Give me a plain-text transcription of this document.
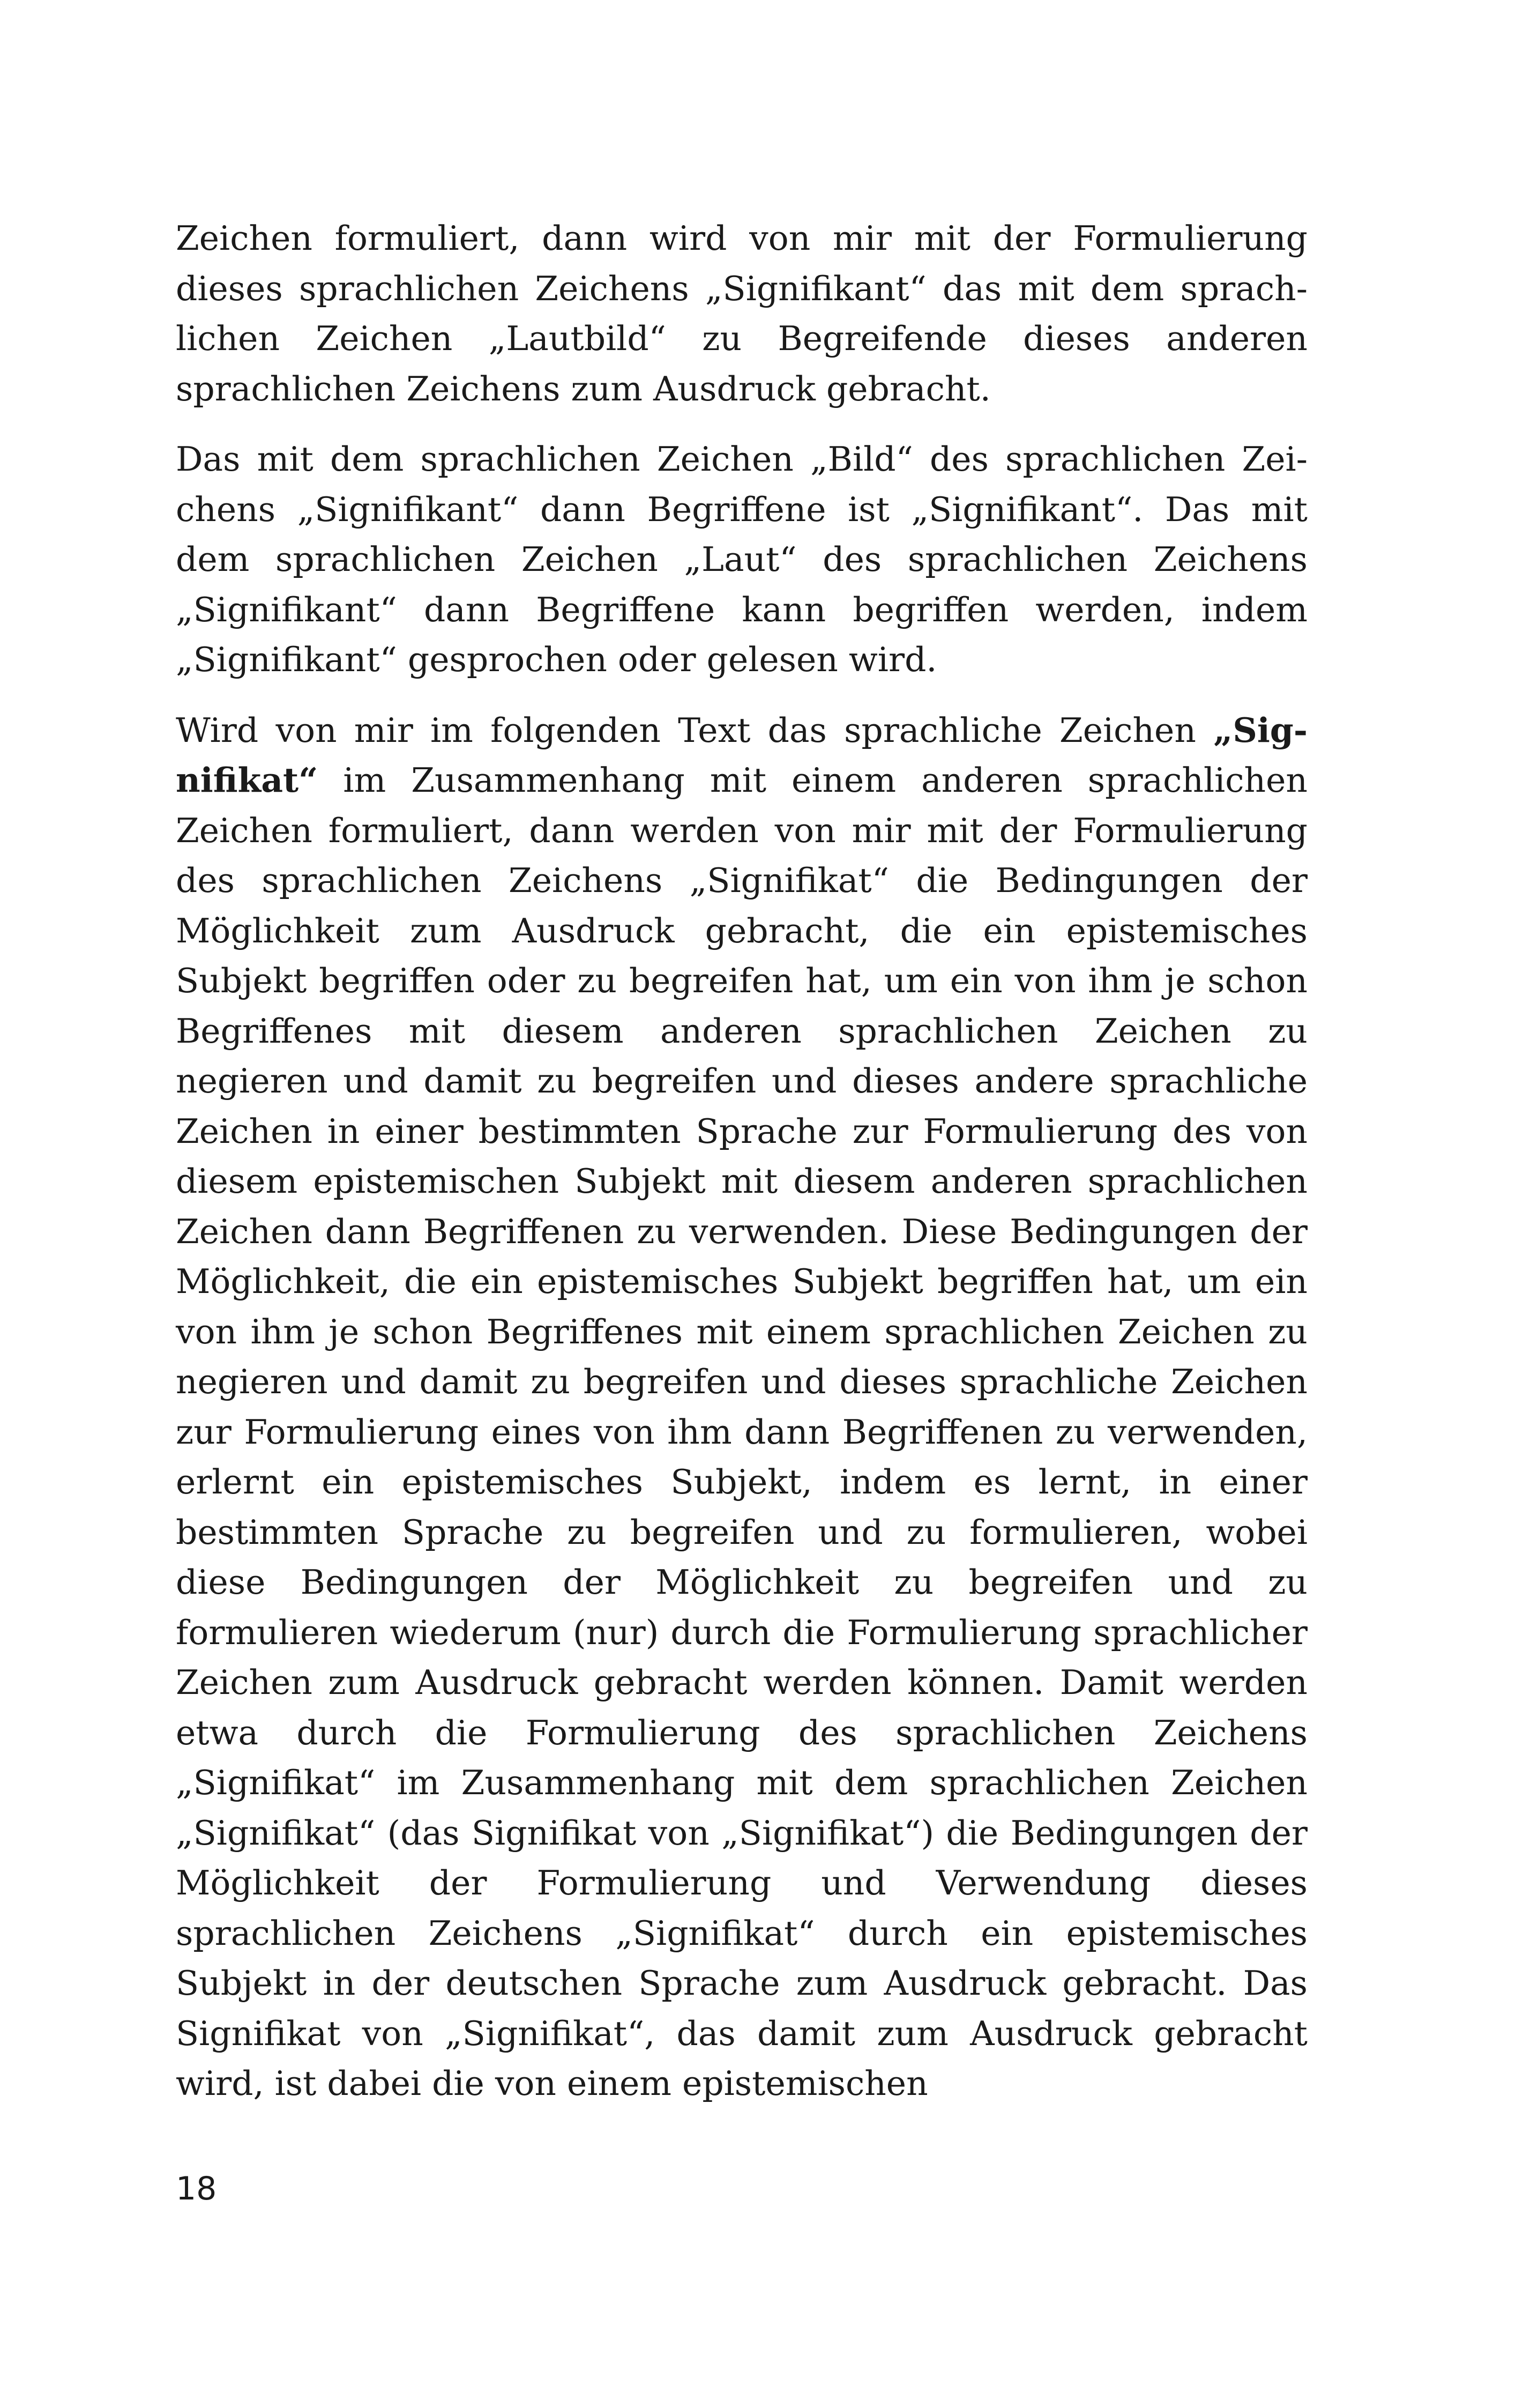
Zeichen formuliert, dann wird von mir mit der Formulierung dieses sprachlichen Zeichens „Signifikant“ das mit dem sprachlichen Zeichen „Lautbild“ zu Begreifende dieses anderen sprachlichen Zeichens zum Ausdruck gebracht.

Das mit dem sprachlichen Zeichen „Bild“ des sprachlichen Zeichens „Signifikant“ dann Begriffene ist „Signifikant“. Das mit dem sprachlichen Zeichen „Laut“ des sprachlichen Zeichens „Signifikant“ dann Begriffene kann begriffen werden, indem „Signifikant“ gesprochen oder gelesen wird.

Wird von mir im folgenden Text das sprachliche Zeichen „Signifikat“ im Zusammenhang mit einem anderen sprachlichen Zeichen formuliert, dann werden von mir mit der Formulierung des sprachlichen Zeichens „Signifikat“ die Bedingungen der Möglichkeit zum Ausdruck gebracht, die ein epistemisches Subjekt begriffen oder zu begreifen hat, um ein von ihm je schon Begriffenes mit diesem anderen sprachlichen Zeichen zu negieren und damit zu begreifen und dieses andere sprachliche Zeichen in einer bestimmten Sprache zur Formulierung des von diesem epistemischen Subjekt mit diesem anderen sprachlichen Zeichen dann Begriffenen zu verwenden. Diese Bedingungen der Möglichkeit, die ein epistemisches Subjekt begriffen hat, um ein von ihm je schon Begriffenes mit einem sprachlichen Zeichen zu negieren und damit zu begreifen und dieses sprachliche Zeichen zur Formulierung eines von ihm dann Begriffenen zu verwenden, erlernt ein epistemisches Subjekt, indem es lernt, in einer bestimmten Sprache zu begreifen und zu formulieren, wobei diese Bedingungen der Möglichkeit zu begreifen und zu formulieren wiederum (nur) durch die Formulierung sprachlicher Zeichen zum Ausdruck gebracht werden können. Damit werden etwa durch die Formulierung des sprachlichen Zeichens „Signifikat“ im Zusammenhang mit dem sprachlichen Zeichen „Signifikat“ (das Signifikat von „Signifikat“) die Bedingungen der Möglichkeit der Formulierung und Verwendung dieses sprachlichen Zeichens „Signifikat“ durch ein epistemisches Subjekt in der deutschen Sprache zum Ausdruck gebracht. Das Signifikat von „Signifikat“, das damit zum Ausdruck gebracht wird, ist dabei die von einem epistemischen

18
